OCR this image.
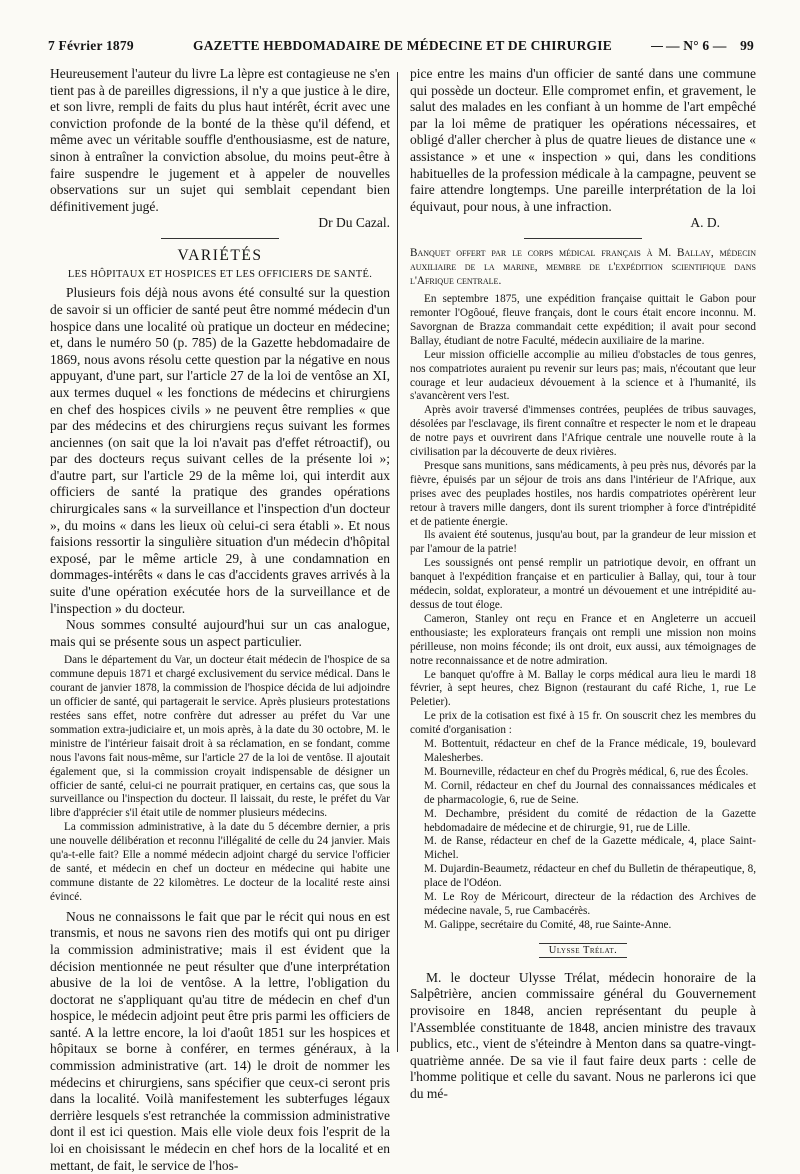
7 Février 1879	GAZETTE HEBDOMADAIRE DE MÉDECINE ET DE CHIRURGIE	— N° 6 — 99

Heureusement l'auteur du livre La lèpre est contagieuse ne s'en tient pas à de pareilles digressions, il n'y a que justice à le dire, et son livre, rempli de faits du plus haut intérêt, écrit avec une conviction profonde de la bonté de la thèse qu'il défend, et même avec un véritable souffle d'enthousiasme, est de nature, sinon à entraîner la conviction absolue, du moins peut-être à faire suspendre le jugement et à appeler de nouvelles observations sur un sujet qui semblait cependant bien définitivement jugé.

Dr Du Cazal.
VARIÉTÉS
LES HÔPITAUX ET HOSPICES ET LES OFFICIERS DE SANTÉ.

Plusieurs fois déjà nous avons été consulté sur la question de savoir si un officier de santé peut être nommé médecin d'un hospice dans une localité où pratique un docteur en médecine; et, dans le numéro 50 (p. 785) de la Gazette hebdomadaire de 1869, nous avons résolu cette question par la négative en nous appuyant, d'une part, sur l'article 27 de la loi de ventôse an XI, aux termes duquel « les fonctions de médecins et chirurgiens en chef des hospices civils » ne peuvent être remplies « que par des médecins et des chirurgiens reçus suivant les formes anciennes (on sait que la loi n'avait pas d'effet rétroactif), ou par des docteurs reçus suivant celles de la présente loi »; d'autre part, sur l'article 29 de la même loi, qui interdit aux officiers de santé la pratique des grandes opérations chirurgicales sans « la surveillance et l'inspection d'un docteur », du moins « dans les lieux où celui-ci sera établi ». Et nous faisions ressortir la singulière situation d'un médecin d'hôpital exposé, par le même article 29, à une condamnation en dommages-intérêts « dans le cas d'accidents graves arrivés à la suite d'une opération exécutée hors de la surveillance et de l'inspection » du docteur.

Nous sommes consulté aujourd'hui sur un cas analogue, mais qui se présente sous un aspect particulier.

Dans le département du Var, un docteur était médecin de l'hospice de sa commune depuis 1871 et chargé exclusivement du service médical. Dans le courant de janvier 1878, la commission de l'hospice décida de lui adjoindre un officier de santé, qui partagerait le service. Après plusieurs protestations restées sans effet, notre confrère dut adresser au préfet du Var une sommation extra-judiciaire et, un mois après, à la date du 30 octobre, M. le ministre de l'intérieur faisait droit à sa réclamation, en se fondant, comme nous l'avons fait nous-même, sur l'article 27 de la loi de ventôse. Il ajoutait également que, si la commission croyait indispensable de désigner un officier de santé, celui-ci ne pourrait pratiquer, en certains cas, que sous la surveillance ou l'inspection du docteur. Il laissait, du reste, le préfet du Var libre d'apprécier s'il était utile de nommer plusieurs médecins.

La commission administrative, à la date du 5 décembre dernier, a pris une nouvelle délibération et reconnu l'illégalité de celle du 24 janvier. Mais qu'a-t-elle fait? Elle a nommé médecin adjoint chargé du service l'officier de santé, et médecin en chef un docteur en médecine qui habite une commune distante de 22 kilomètres. Le docteur de la localité reste ainsi évincé.

Nous ne connaissons le fait que par le récit qui nous en est transmis, et nous ne savons rien des motifs qui ont pu diriger la commission administrative; mais il est évident que la décision mentionnée ne peut résulter que d'une interprétation abusive de la loi de ventôse. A la lettre, l'obligation du doctorat ne s'appliquant qu'au titre de médecin en chef d'un hospice, le médecin adjoint peut être pris parmi les officiers de santé. A la lettre encore, la loi d'août 1851 sur les hospices et hôpitaux se borne à conférer, en termes généraux, à la commission administrative (art. 14) le droit de nommer les médecins et chirurgiens, sans spécifier que ceux-ci seront pris dans la localité. Voilà manifestement les subterfuges légaux derrière lesquels s'est retranchée la commission administrative dont il est ici question. Mais elle viole deux fois l'esprit de la loi en choisissant le médecin en chef hors de la localité et en mettant, de fait, le service de l'hos-

pice entre les mains d'un officier de santé dans une commune qui possède un docteur. Elle compromet enfin, et gravement, le salut des malades en les confiant à un homme de l'art empêché par la loi même de pratiquer les opérations nécessaires, et obligé d'aller chercher à plus de quatre lieues de distance une « assistance » et une « inspection » qui, dans les conditions habituelles de la profession médicale à la campagne, peuvent se faire attendre longtemps. Une pareille interprétation de la loi équivaut, pour nous, à une infraction.

A. D.

Banquet offert par le corps médical français à M. Ballay, médecin auxiliaire de la marine, membre de l'expédition scientifique dans l'Afrique centrale.

En septembre 1875, une expédition française quittait le Gabon pour remonter l'Ogôoué, fleuve français, dont le cours était encore inconnu. M. Savorgnan de Brazza commandait cette expédition; il avait pour second Ballay, étudiant de notre Faculté, médecin auxiliaire de la marine.

Leur mission officielle accomplie au milieu d'obstacles de tous genres, nos compatriotes auraient pu revenir sur leurs pas; mais, n'écoutant que leur courage et leur audacieux dévouement à la science et à l'humanité, ils s'avancèrent vers l'est.

Après avoir traversé d'immenses contrées, peuplées de tribus sauvages, désolées par l'esclavage, ils firent connaître et respecter le nom et le drapeau de notre pays et ouvrirent dans l'Afrique centrale une nouvelle route à la civilisation par la découverte de deux rivières.

Presque sans munitions, sans médicaments, à peu près nus, dévorés par la fièvre, épuisés par un séjour de trois ans dans l'intérieur de l'Afrique, aux prises avec des peuplades hostiles, nos hardis compatriotes opérèrent leur retour à travers mille dangers, dont ils surent triompher à force d'intrépidité et de patiente énergie.

Ils avaient été soutenus, jusqu'au bout, par la grandeur de leur mission et par l'amour de la patrie!

Les soussignés ont pensé remplir un patriotique devoir, en offrant un banquet à l'expédition française et en particulier à Ballay, qui, tour à tour médecin, soldat, explorateur, a montré un dévouement et une intrépidité au-dessus de tout éloge.

Cameron, Stanley ont reçu en France et en Angleterre un accueil enthousiaste; les explorateurs français ont rempli une mission non moins périlleuse, non moins féconde; ils ont droit, eux aussi, aux témoignages de notre reconnaissance et de notre admiration.

Le banquet qu'offre à M. Ballay le corps médical aura lieu le mardi 18 février, à sept heures, chez Bignon (restaurant du café Riche, 1, rue Le Peletier).

Le prix de la cotisation est fixé à 15 fr. On souscrit chez les membres du comité d'organisation :

M. Bottentuit, rédacteur en chef de la France médicale, 19, boulevard Malesherbes.

M. Bourneville, rédacteur en chef du Progrès médical, 6, rue des Écoles.

M. Cornil, rédacteur en chef du Journal des connaissances médicales et de pharmacologie, 6, rue de Seine.

M. Dechambre, président du comité de rédaction de la Gazette hebdomadaire de médecine et de chirurgie, 91, rue de Lille.

M. de Ranse, rédacteur en chef de la Gazette médicale, 4, place Saint-Michel.

M. Dujardin-Beaumetz, rédacteur en chef du Bulletin de thérapeutique, 8, place de l'Odéon.

M. Le Roy de Méricourt, directeur de la rédaction des Archives de médecine navale, 5, rue Cambacérès.

M. Galippe, secrétaire du Comité, 48, rue Sainte-Anne.

Ulysse Trélat.

M. le docteur Ulysse Trélat, médecin honoraire de la Salpêtrière, ancien commissaire général du Gouvernement provisoire en 1848, ancien représentant du peuple à l'Assemblée constituante de 1848, ancien ministre des travaux publics, etc., vient de s'éteindre à Menton dans sa quatre-vingt-quatrième année. De sa vie il faut faire deux parts : celle de l'homme politique et celle du savant. Nous ne parlerons ici que du mé-
